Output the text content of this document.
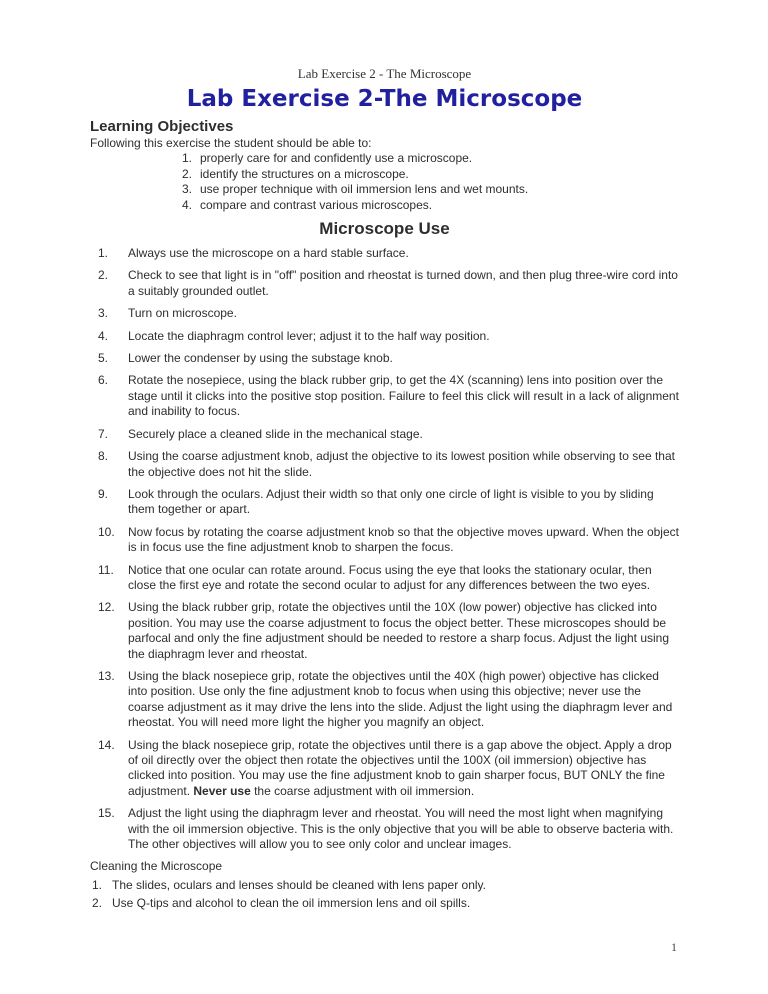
Lab Exercise 2 - The Microscope
Lab Exercise 2-The Microscope
Learning Objectives
Following this exercise the student should be able to:
1. properly care for and confidently use a microscope.
2. identify the structures on a microscope.
3. use proper technique with oil immersion lens and wet mounts.
4. compare and contrast various microscopes.
Microscope Use
1.	Always use the microscope on a hard stable surface.
2.	Check to see that light is in "off" position and rheostat is turned down, and then plug three-wire cord into a suitably grounded outlet.
3.	Turn on microscope.
4.	Locate the diaphragm control lever; adjust it to the half way position.
5.	Lower the condenser by using the substage knob.
6.	Rotate the nosepiece, using the black rubber grip, to get the 4X (scanning) lens into position over the stage until it clicks into the positive stop position. Failure to feel this click will result in a lack of alignment and inability to focus.
7.	Securely place a cleaned slide in the mechanical stage.
8.	Using the coarse adjustment knob, adjust the objective to its lowest position while observing to see that the objective does not hit the slide.
9.	Look through the oculars. Adjust their width so that only one circle of light is visible to you by sliding them together or apart.
10.	Now focus by rotating the coarse adjustment knob so that the objective moves upward. When the object is in focus use the fine adjustment knob to sharpen the focus.
11.	Notice that one ocular can rotate around. Focus using the eye that looks the stationary ocular, then close the first eye and rotate the second ocular to adjust for any differences between the two eyes.
12.	Using the black rubber grip, rotate the objectives until the 10X (low power) objective has clicked into position. You may use the coarse adjustment to focus the object better. These microscopes should be parfocal and only the fine adjustment should be needed to restore a sharp focus. Adjust the light using the diaphragm lever and rheostat.
13.	Using the black nosepiece grip, rotate the objectives until the 40X (high power) objective has clicked into position. Use only the fine adjustment knob to focus when using this objective; never use the coarse adjustment as it may drive the lens into the slide. Adjust the light using the diaphragm lever and rheostat. You will need more light the higher you magnify an object.
14.	Using the black nosepiece grip, rotate the objectives until there is a gap above the object. Apply a drop of oil directly over the object then rotate the objectives until the 100X (oil immersion) objective has clicked into position. You may use the fine adjustment knob to gain sharper focus, BUT ONLY the fine adjustment. Never use the coarse adjustment with oil immersion.
15.	Adjust the light using the diaphragm lever and rheostat. You will need the most light when magnifying with the oil immersion objective. This is the only objective that you will be able to observe bacteria with. The other objectives will allow you to see only color and unclear images.
Cleaning the Microscope
1. The slides, oculars and lenses should be cleaned with lens paper only.
2. Use Q-tips and alcohol to clean the oil immersion lens and oil spills.
1
